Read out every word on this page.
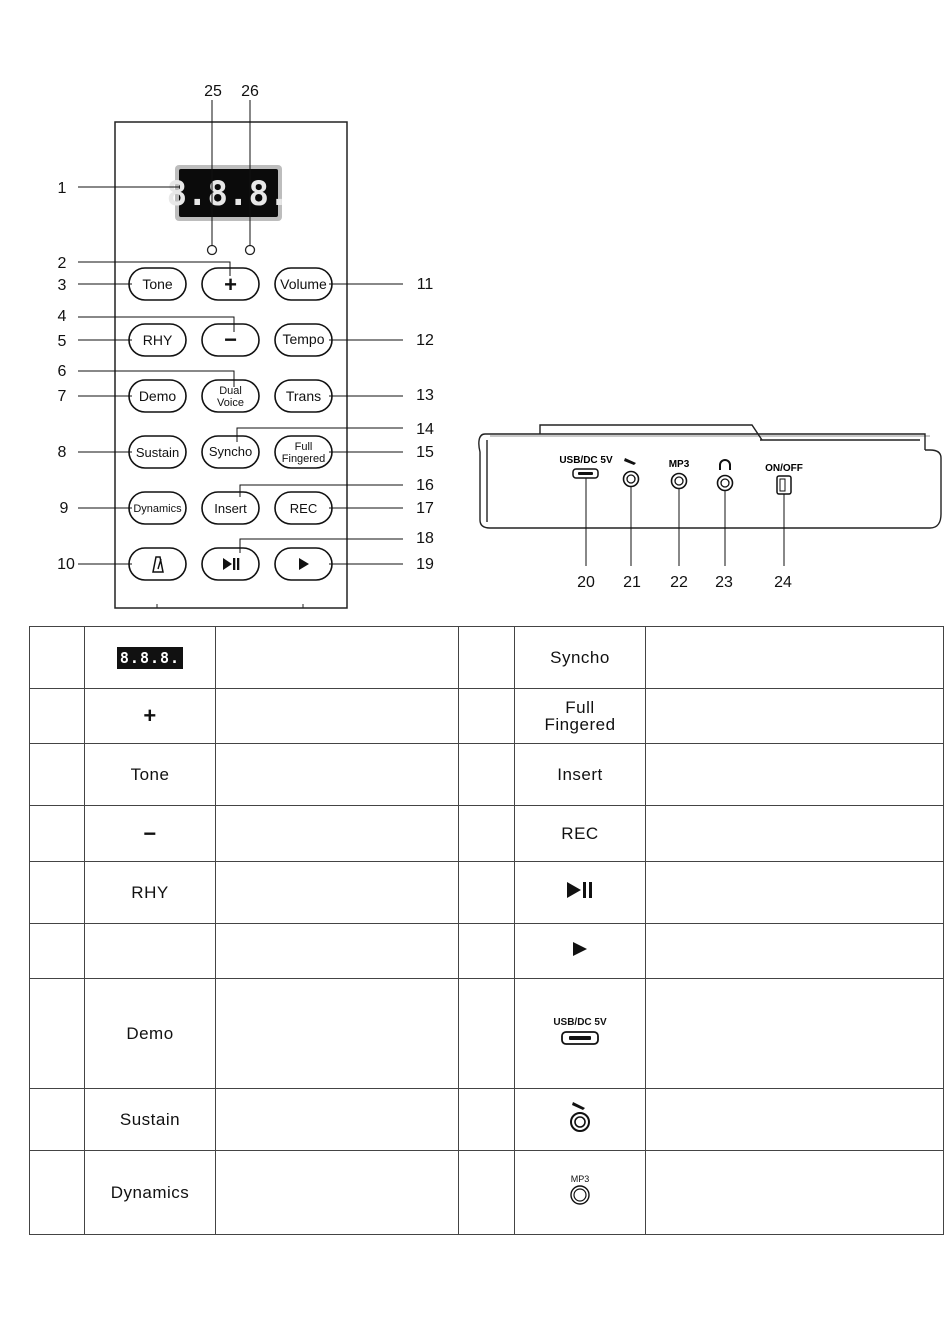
8.8.8.
Tone +	Volume
RHY −	Tempo
Demo	Dual
Voice	Trans
Sustain Syncho	Full
Fingered
Dynamics	Insert	REC
25 26
1
2
3
4
5
6
7
8
9
10
11
12
13
14
15
16
17
18
19
USB/DC 5V	MP3	ON/OFF
20 21 22 23	24
	8.8.8.			Syncho	
	+			Full
Fingered	
	Tone			Insert	
	−			REC	
	RHY				

	Demo			USB/DC 5V	

	Sustain				
	Dynamics			MP3	
